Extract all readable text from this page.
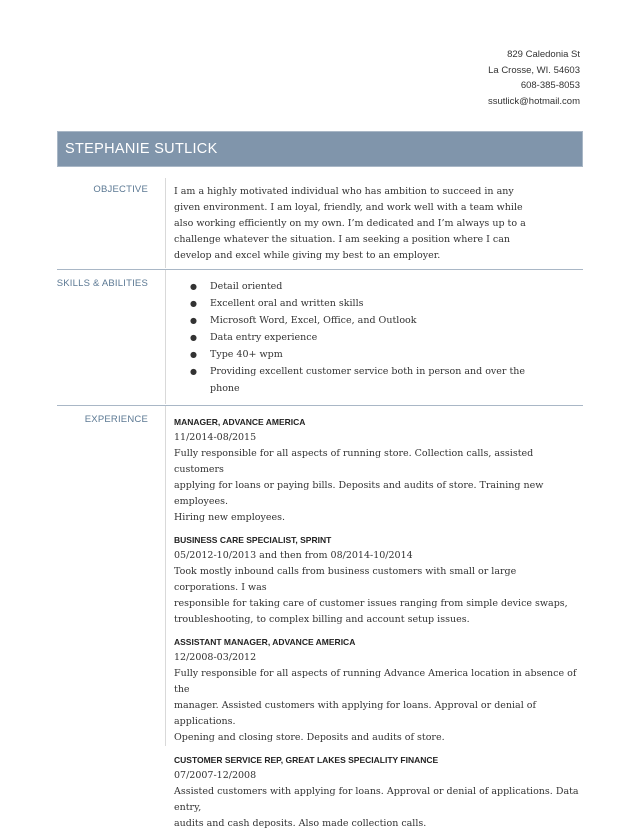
829 Caledonia St
La Crosse, WI. 54603
608-385-8053
ssutlick@hotmail.com
STEPHANIE SUTLICK
OBJECTIVE	I am a highly motivated individual who has ambition to succeed in any
given environment. I am loyal, friendly, and work well with a team while
also working efficiently on my own. I’m dedicated and I’m always up to a
challenge whatever the situation. I am seeking a position where I can
develop and excel while giving my best to an employer.
SKILLS & ABILITIES	● Detail oriented
● Excellent oral and written skills
● Microsoft Word, Excel, Office, and Outlook
● Data entry experience
● Type 40+ wpm
● Providing excellent customer service both in person and over the
phone
EXPERIENCE	MANAGER, ADVANCE AMERICA
11/2014-08/2015
Fully responsible for all aspects of running store. Collection calls, assisted customers
applying for loans or paying bills. Deposits and audits of store. Training new employees.
Hiring new employees.
BUSINESS CARE SPECIALIST, SPRINT
05/2012-10/2013 and then from 08/2014-10/2014
Took mostly inbound calls from business customers with small or large corporations. I was
responsible for taking care of customer issues ranging from simple device swaps,
troubleshooting, to complex billing and account setup issues.
ASSISTANT MANAGER, ADVANCE AMERICA
12/2008-03/2012
Fully responsible for all aspects of running Advance America location in absence of the
manager. Assisted customers with applying for loans. Approval or denial of applications.
Opening and closing store. Deposits and audits of store.
CUSTOMER SERVICE REP, GREAT LAKES SPECIALITY FINANCE
07/2007-12/2008
Assisted customers with applying for loans. Approval or denial of applications. Data entry,
audits and cash deposits. Also made collection calls.
